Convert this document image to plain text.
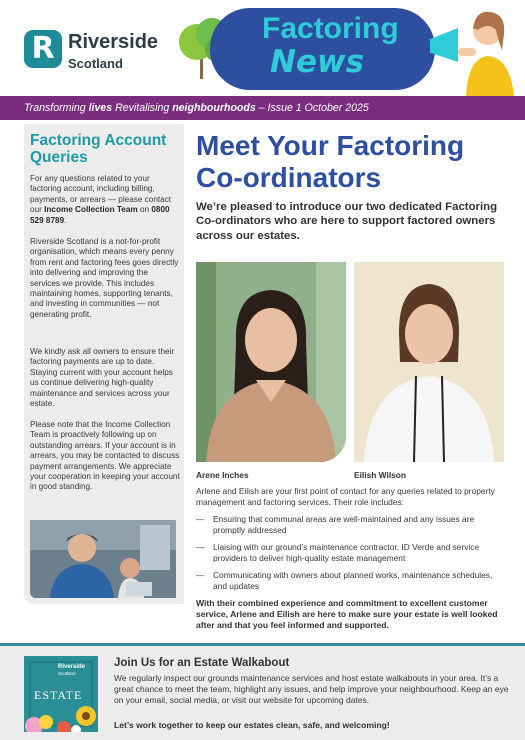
R Riverside
Scotland
Factoring
News
Transforming lives Revitalising neighbourhoods – Issue 1 October 2025
Factoring Account Queries
For any questions related to your factoring account, including billing, payments, or arrears — please contact our Income Collection Team on 0800 529 8789.
Riverside Scotland is a not-for-profit organisation, which means every penny from rent and factoring fees goes directly into delivering and improving the services we provide. This includes maintaining homes, supporting tenants, and investing in communities — not generating profit.
We kindly ask all owners to ensure their factoring payments are up to date. Staying current with your account helps us continue delivering high-quality maintenance and services across your estate.
Please note that the Income Collection Team is proactively following up on outstanding arrears. If your account is in arrears, you may be contacted to discuss payment arrangements. We appreciate your cooperation in keeping your account in good standing.
Meet Your Factoring Co-ordinators
We’re pleased to introduce our two dedicated Factoring Co-ordinators who are here to support factored owners across our estates.
Arene Inches	Eilish Wilson
Arlene and Eilish are your first point of contact for any queries related to property management and factoring services. Their role includes:
— Ensuring that communal areas are well-maintained and any issues are promptly addressed
— Liaising with our ground’s maintenance contractor, ID Verde and service providers to deliver high-quality estate management
— Communicating with owners about planned works, maintenance schedules, and updates
With their combined experience and commitment to excellent customer service, Arlene and Eilish are here to make sure your estate is well looked after and that you feel informed and supported.
Riverside
Scotland
ESTATE
Join Us for an Estate Walkabout
We regularly inspect our grounds maintenance services and host estate walkabouts in your area. It’s a great chance to meet the team, highlight any issues, and help improve your neighbourhood. Keep an eye on your email, social media, or visit our website for upcoming dates.
Let’s work together to keep our estates clean, safe, and welcoming!
